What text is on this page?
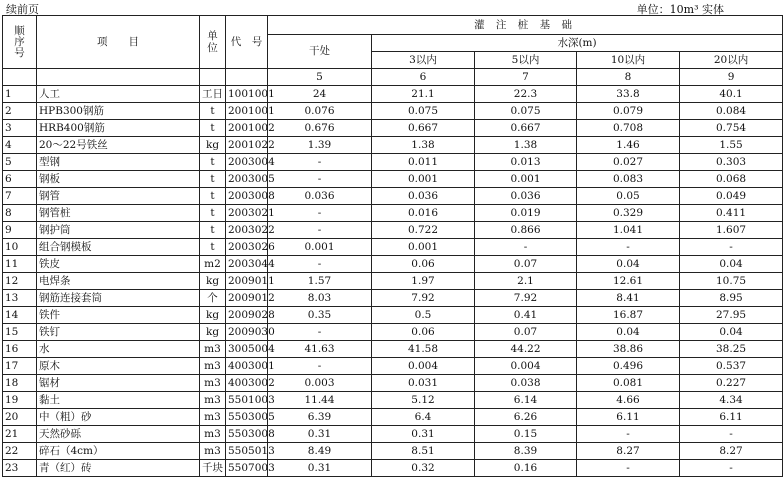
续前页	单位：10m³ 实体
顺
序
号	项　　目	单
位	代　号	灌 注 桩 基 础				
				干处	水深(m)			
					3以内	5以内	10以内	20以内
				5	6	7	8	9
1	人工	工日	1001001	24	21.1	22.3	33.8	40.1
2	HPB300钢筋	t	2001001	0.076	0.075	0.075	0.079	0.084
3	HRB400钢筋	t	2001002	0.676	0.667	0.667	0.708	0.754
4	20～22号铁丝	kg	2001022	1.39	1.38	1.38	1.46	1.55
5	型钢	t	2003004	-	0.011	0.013	0.027	0.303
6	钢板	t	2003005	-	0.001	0.001	0.083	0.068
7	钢管	t	2003008	0.036	0.036	0.036	0.05	0.049
8	钢管桩	t	2003021	-	0.016	0.019	0.329	0.411
9	钢护筒	t	2003022	-	0.722	0.866	1.041	1.607
10	组合钢模板	t	2003026	0.001	0.001	-	-	-
11	铁皮	m2	2003044	-	0.06	0.07	0.04	0.04
12	电焊条	kg	2009011	1.57	1.97	2.1	12.61	10.75
13	钢筋连接套筒	个	2009012	8.03	7.92	7.92	8.41	8.95
14	铁件	kg	2009028	0.35	0.5	0.41	16.87	27.95
15	铁钉	kg	2009030	-	0.06	0.07	0.04	0.04
16	水	m3	3005004	41.63	41.58	44.22	38.86	38.25
17	原木	m3	4003001	-	0.004	0.004	0.496	0.537
18	锯材	m3	4003002	0.003	0.031	0.038	0.081	0.227
19	黏土	m3	5501003	11.44	5.12	6.14	4.66	4.34
20	中（粗）砂	m3	5503005	6.39	6.4	6.26	6.11	6.11
21	天然砂砾	m3	5503008	0.31	0.31	0.15	-	-
22	碎石（4cm）	m3	5505013	8.49	8.51	8.39	8.27	8.27
23	青（红）砖	千块	5507003	0.31	0.32	0.16	-	-
